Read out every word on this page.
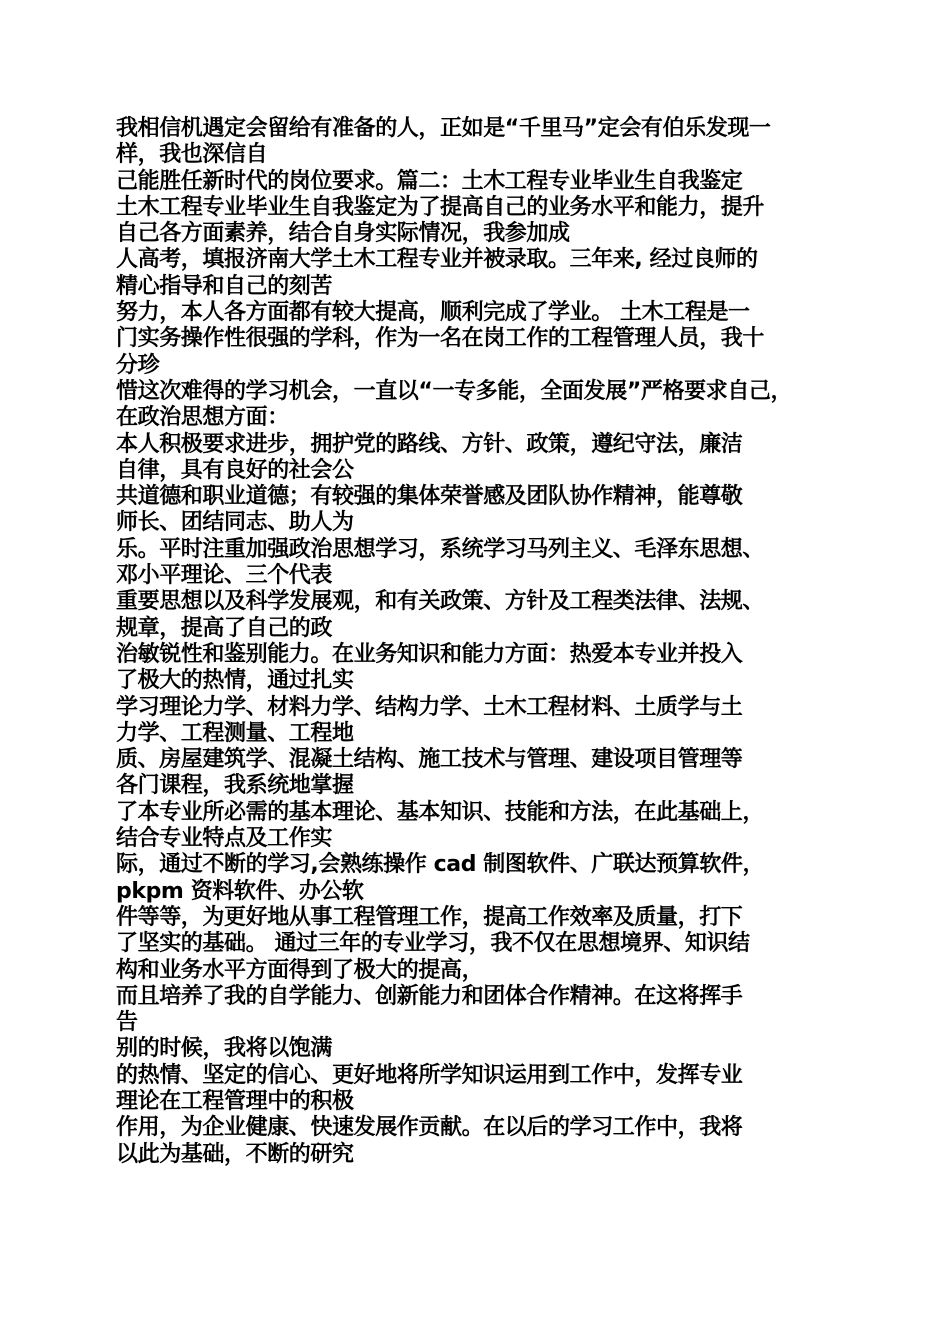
我相信机遇定会留给有准备的人，正如是“千里马”定会有伯乐发现一
样，我也深信自
己能胜任新时代的岗位要求。篇二：土木工程专业毕业生自我鉴定
土木工程专业毕业生自我鉴定为了提高自己的业务水平和能力，提升
自己各方面素养，结合自身实际情况，我参加成
人高考，填报济南大学土木工程专业并被录取。三年来, 经过良师的
精心指导和自己的刻苦
努力，本人各方面都有较大提高，顺利完成了学业。 土木工程是一
门实务操作性很强的学科，作为一名在岗工作的工程管理人员，我十
分珍
惜这次难得的学习机会，一直以“一专多能，全面发展”严格要求自己，
在政治思想方面：
本人积极要求进步，拥护党的路线、方针、政策，遵纪守法，廉洁
自律，具有良好的社会公
共道德和职业道德；有较强的集体荣誉感及团队协作精神，能尊敬
师长、团结同志、助人为
乐。平时注重加强政治思想学习，系统学习马列主义、毛泽东思想、
邓小平理论、三个代表
重要思想以及科学发展观，和有关政策、方针及工程类法律、法规、
规章，提高了自己的政
治敏锐性和鉴别能力。在业务知识和能力方面：热爱本专业并投入
了极大的热情，通过扎实
学习理论力学、材料力学、结构力学、土木工程材料、土质学与土
力学、工程测量、工程地
质、房屋建筑学、混凝土结构、施工技术与管理、建设项目管理等
各门课程，我系统地掌握
了本专业所必需的基本理论、基本知识、技能和方法，在此基础上，
结合专业特点及工作实
际，通过不断的学习,会熟练操作 cad 制图软件、广联达预算软件，
pkpm 资料软件、办公软
件等等，为更好地从事工程管理工作，提高工作效率及质量，打下
了坚实的基础。 通过三年的专业学习，我不仅在思想境界、知识结
构和业务水平方面得到了极大的提高，
而且培养了我的自学能力、创新能力和团体合作精神。在这将挥手
告
别的时候，我将以饱满
的热情、坚定的信心、更好地将所学知识运用到工作中，发挥专业
理论在工程管理中的积极
作用，为企业健康、快速发展作贡献。在以后的学习工作中，我将
以此为基础，不断的研究
